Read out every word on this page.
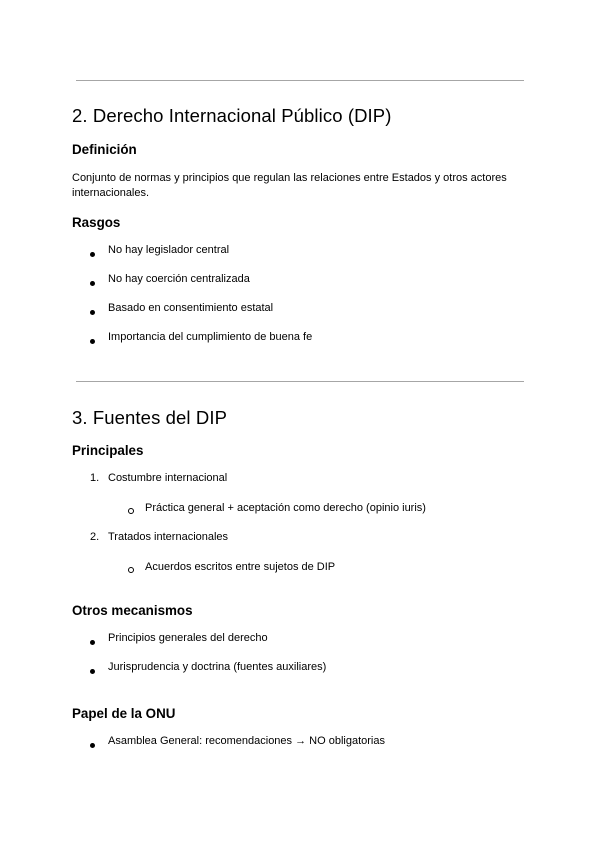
2. Derecho Internacional Público (DIP)
Definición

Conjunto de normas y principios que regulan las relaciones entre Estados y otros actores internacionales.

Rasgos
No hay legislador central
No hay coerción centralizada
Basado en consentimiento estatal
Importancia del cumplimiento de buena fe
3. Fuentes del DIP
Principales
1. Costumbre internacional
Práctica general + aceptación como derecho (opinio iuris)
2. Tratados internacionales
Acuerdos escritos entre sujetos de DIP
Otros mecanismos
Principios generales del derecho
Jurisprudencia y doctrina (fuentes auxiliares)
Papel de la ONU
Asamblea General: recomendaciones → NO obligatorias
